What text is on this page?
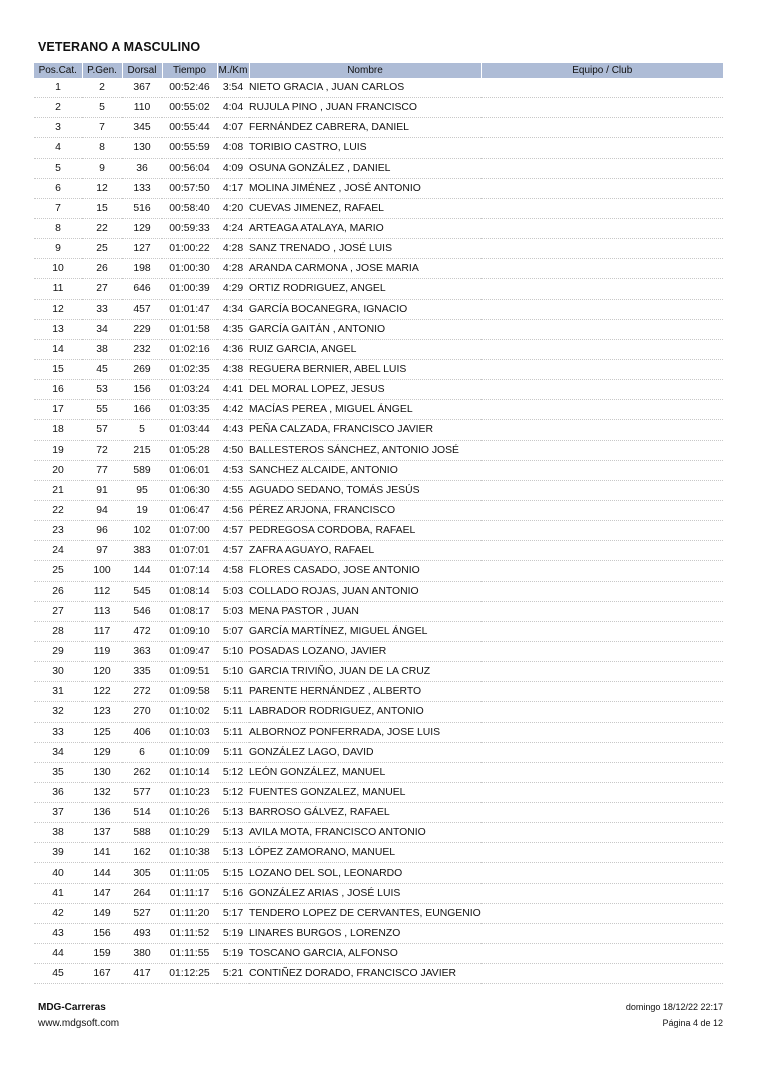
VETERANO A MASCULINO
Pos.Cat.	P.Gen.	Dorsal	Tiempo	M./Km	Nombre	Equipo / Club
1	2	367	00:52:46	3:54	NIETO GRACIA , JUAN CARLOS	
2	5	110	00:55:02	4:04	RUJULA PINO , JUAN FRANCISCO	
3	7	345	00:55:44	4:07	FERNÁNDEZ CABRERA, DANIEL	
4	8	130	00:55:59	4:08	TORIBIO CASTRO, LUIS	
5	9	36	00:56:04	4:09	OSUNA GONZÁLEZ , DANIEL	
6	12	133	00:57:50	4:17	MOLINA JIMÉNEZ , JOSÉ ANTONIO	
7	15	516	00:58:40	4:20	CUEVAS JIMENEZ, RAFAEL	
8	22	129	00:59:33	4:24	ARTEAGA ATALAYA, MARIO	
9	25	127	01:00:22	4:28	SANZ TRENADO , JOSÉ LUIS	
10	26	198	01:00:30	4:28	ARANDA CARMONA , JOSE MARIA	
11	27	646	01:00:39	4:29	ORTIZ RODRIGUEZ, ANGEL	
12	33	457	01:01:47	4:34	GARCÍA BOCANEGRA, IGNACIO	
13	34	229	01:01:58	4:35	GARCÍA GAITÁN , ANTONIO	
14	38	232	01:02:16	4:36	RUIZ GARCIA, ANGEL	
15	45	269	01:02:35	4:38	REGUERA BERNIER, ABEL LUIS	
16	53	156	01:03:24	4:41	DEL MORAL LOPEZ, JESUS	
17	55	166	01:03:35	4:42	MACÍAS PEREA , MIGUEL ÁNGEL	
18	57	5	01:03:44	4:43	PEÑA CALZADA, FRANCISCO JAVIER	
19	72	215	01:05:28	4:50	BALLESTEROS SÁNCHEZ, ANTONIO JOSÉ	
20	77	589	01:06:01	4:53	SANCHEZ ALCAIDE, ANTONIO	
21	91	95	01:06:30	4:55	AGUADO SEDANO, TOMÁS JESÚS	
22	94	19	01:06:47	4:56	PÉREZ ARJONA, FRANCISCO	
23	96	102	01:07:00	4:57	PEDREGOSA CORDOBA, RAFAEL	
24	97	383	01:07:01	4:57	ZAFRA AGUAYO, RAFAEL	
25	100	144	01:07:14	4:58	FLORES CASADO, JOSE ANTONIO	
26	112	545	01:08:14	5:03	COLLADO ROJAS, JUAN ANTONIO	
27	113	546	01:08:17	5:03	MENA PASTOR , JUAN	
28	117	472	01:09:10	5:07	GARCÍA MARTÍNEZ, MIGUEL ÁNGEL	
29	119	363	01:09:47	5:10	POSADAS LOZANO, JAVIER	
30	120	335	01:09:51	5:10	GARCIA TRIVIÑO, JUAN DE LA CRUZ	
31	122	272	01:09:58	5:11	PARENTE HERNÁNDEZ , ALBERTO	
32	123	270	01:10:02	5:11	LABRADOR RODRIGUEZ, ANTONIO	
33	125	406	01:10:03	5:11	ALBORNOZ PONFERRADA, JOSE LUIS	
34	129	6	01:10:09	5:11	GONZÁLEZ LAGO, DAVID	
35	130	262	01:10:14	5:12	LEÓN GONZÁLEZ, MANUEL	
36	132	577	01:10:23	5:12	FUENTES GONZALEZ, MANUEL	
37	136	514	01:10:26	5:13	BARROSO GÁLVEZ, RAFAEL	
38	137	588	01:10:29	5:13	AVILA MOTA, FRANCISCO ANTONIO	
39	141	162	01:10:38	5:13	LÓPEZ ZAMORANO, MANUEL	
40	144	305	01:11:05	5:15	LOZANO DEL SOL, LEONARDO	
41	147	264	01:11:17	5:16	GONZÁLEZ ARIAS , JOSÉ LUIS	
42	149	527	01:11:20	5:17	TENDERO LOPEZ DE CERVANTES, EUNGENIO	
43	156	493	01:11:52	5:19	LINARES BURGOS , LORENZO	
44	159	380	01:11:55	5:19	TOSCANO GARCIA, ALFONSO	
45	167	417	01:12:25	5:21	CONTIÑEZ DORADO, FRANCISCO JAVIER	
MDG-Carreras
www.mdgsoft.com
domingo 18/12/22 22:17
Página 4 de 12
